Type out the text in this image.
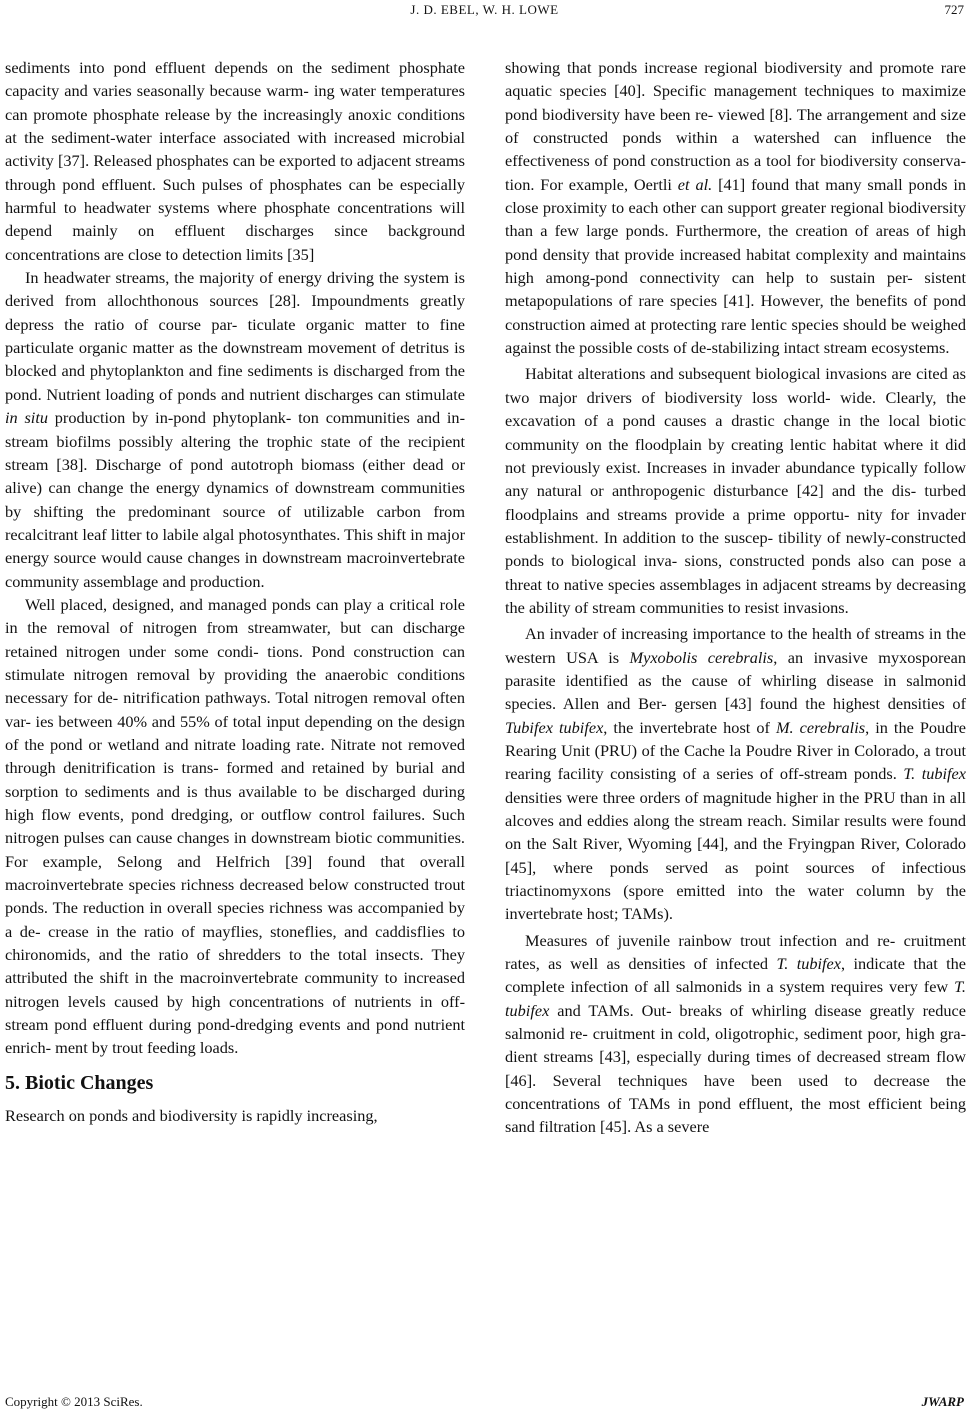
J. D. EBEL, W. H. LOWE	727

sediments into pond effluent depends on the sediment phosphate capacity and varies seasonally because warm- ing water temperatures can promote phosphate release by the increasingly anoxic conditions at the sediment-water interface associated with increased microbial activity [37]. Released phosphates can be exported to adjacent streams through pond effluent. Such pulses of phosphates can be especially harmful to headwater systems where phosphate concentrations will depend mainly on effluent discharges since background concentrations are close to detection limits [35]

In headwater streams, the majority of energy driving the system is derived from allochthonous sources [28]. Impoundments greatly depress the ratio of course par- ticulate organic matter to fine particulate organic matter as the downstream movement of detritus is blocked and phytoplankton and fine sediments is discharged from the pond. Nutrient loading of ponds and nutrient discharges can stimulate in situ production by in-pond phytoplank- ton communities and in-stream biofilms possibly altering the trophic state of the recipient stream [38]. Discharge of pond autotroph biomass (either dead or alive) can change the energy dynamics of downstream communities by shifting the predominant source of utilizable carbon from recalcitrant leaf litter to labile algal photosynthates. This shift in major energy source would cause changes in downstream macroinvertebrate community assemblage and production.

Well placed, designed, and managed ponds can play a critical role in the removal of nitrogen from streamwater, but can discharge retained nitrogen under some condi- tions. Pond construction can stimulate nitrogen removal by providing the anaerobic conditions necessary for de- nitrification pathways. Total nitrogen removal often var- ies between 40% and 55% of total input depending on the design of the pond or wetland and nitrate loading rate. Nitrate not removed through denitrification is trans- formed and retained by burial and sorption to sediments and is thus available to be discharged during high flow events, pond dredging, or outflow control failures. Such nitrogen pulses can cause changes in downstream biotic communities. For example, Selong and Helfrich [39] found that overall macroinvertebrate species richness decreased below constructed trout ponds. The reduction in overall species richness was accompanied by a de- crease in the ratio of mayflies, stoneflies, and caddisflies to chironomids, and the ratio of shredders to the total insects. They attributed the shift in the macroinvertebrate community to increased nitrogen levels caused by high concentrations of nutrients in off-stream pond effluent during pond-dredging events and pond nutrient enrich- ment by trout feeding loads.

5. Biotic Changes

Research on ponds and biodiversity is rapidly increasing,

showing that ponds increase regional biodiversity and promote rare aquatic species [40]. Specific management techniques to maximize pond biodiversity have been re- viewed [8]. The arrangement and size of constructed ponds within a watershed can influence the effectiveness of pond construction as a tool for biodiversity conserva- tion. For example, Oertli et al. [41] found that many small ponds in close proximity to each other can support greater regional biodiversity than a few large ponds. Furthermore, the creation of areas of high pond density that provide increased habitat complexity and maintains high among-pond connectivity can help to sustain per- sistent metapopulations of rare species [41]. However, the benefits of pond construction aimed at protecting rare lentic species should be weighed against the possible costs of de-stabilizing intact stream ecosystems.

Habitat alterations and subsequent biological invasions are cited as two major drivers of biodiversity loss world- wide. Clearly, the excavation of a pond causes a drastic change in the local biotic community on the floodplain by creating lentic habitat where it did not previously exist. Increases in invader abundance typically follow any natural or anthropogenic disturbance [42] and the dis- turbed floodplains and streams provide a prime opportu- nity for invader establishment. In addition to the suscep- tibility of newly-constructed ponds to biological inva- sions, constructed ponds also can pose a threat to native species assemblages in adjacent streams by decreasing the ability of stream communities to resist invasions.

An invader of increasing importance to the health of streams in the western USA is Myxobolis cerebralis, an invasive myxosporean parasite identified as the cause of whirling disease in salmonid species. Allen and Ber- gersen [43] found the highest densities of Tubifex tubifex, the invertebrate host of M. cerebralis, in the Poudre Rearing Unit (PRU) of the Cache la Poudre River in Colorado, a trout rearing facility consisting of a series of off-stream ponds. T. tubifex densities were three orders of magnitude higher in the PRU than in all alcoves and eddies along the stream reach. Similar results were found on the Salt River, Wyoming [44], and the Fryingpan River, Colorado [45], where ponds served as point sources of infectious triactinomyxons (spore emitted into the water column by the invertebrate host; TAMs).

Measures of juvenile rainbow trout infection and re- cruitment rates, as well as densities of infected T. tubifex, indicate that the complete infection of all salmonids in a system requires very few T. tubifex and TAMs. Out- breaks of whirling disease greatly reduce salmonid re- cruitment in cold, oligotrophic, sediment poor, high gra- dient streams [43], especially during times of decreased stream flow [46]. Several techniques have been used to decrease the concentrations of TAMs in pond effluent, the most efficient being sand filtration [45]. As a severe

Copyright © 2013 SciRes.	JWARP
